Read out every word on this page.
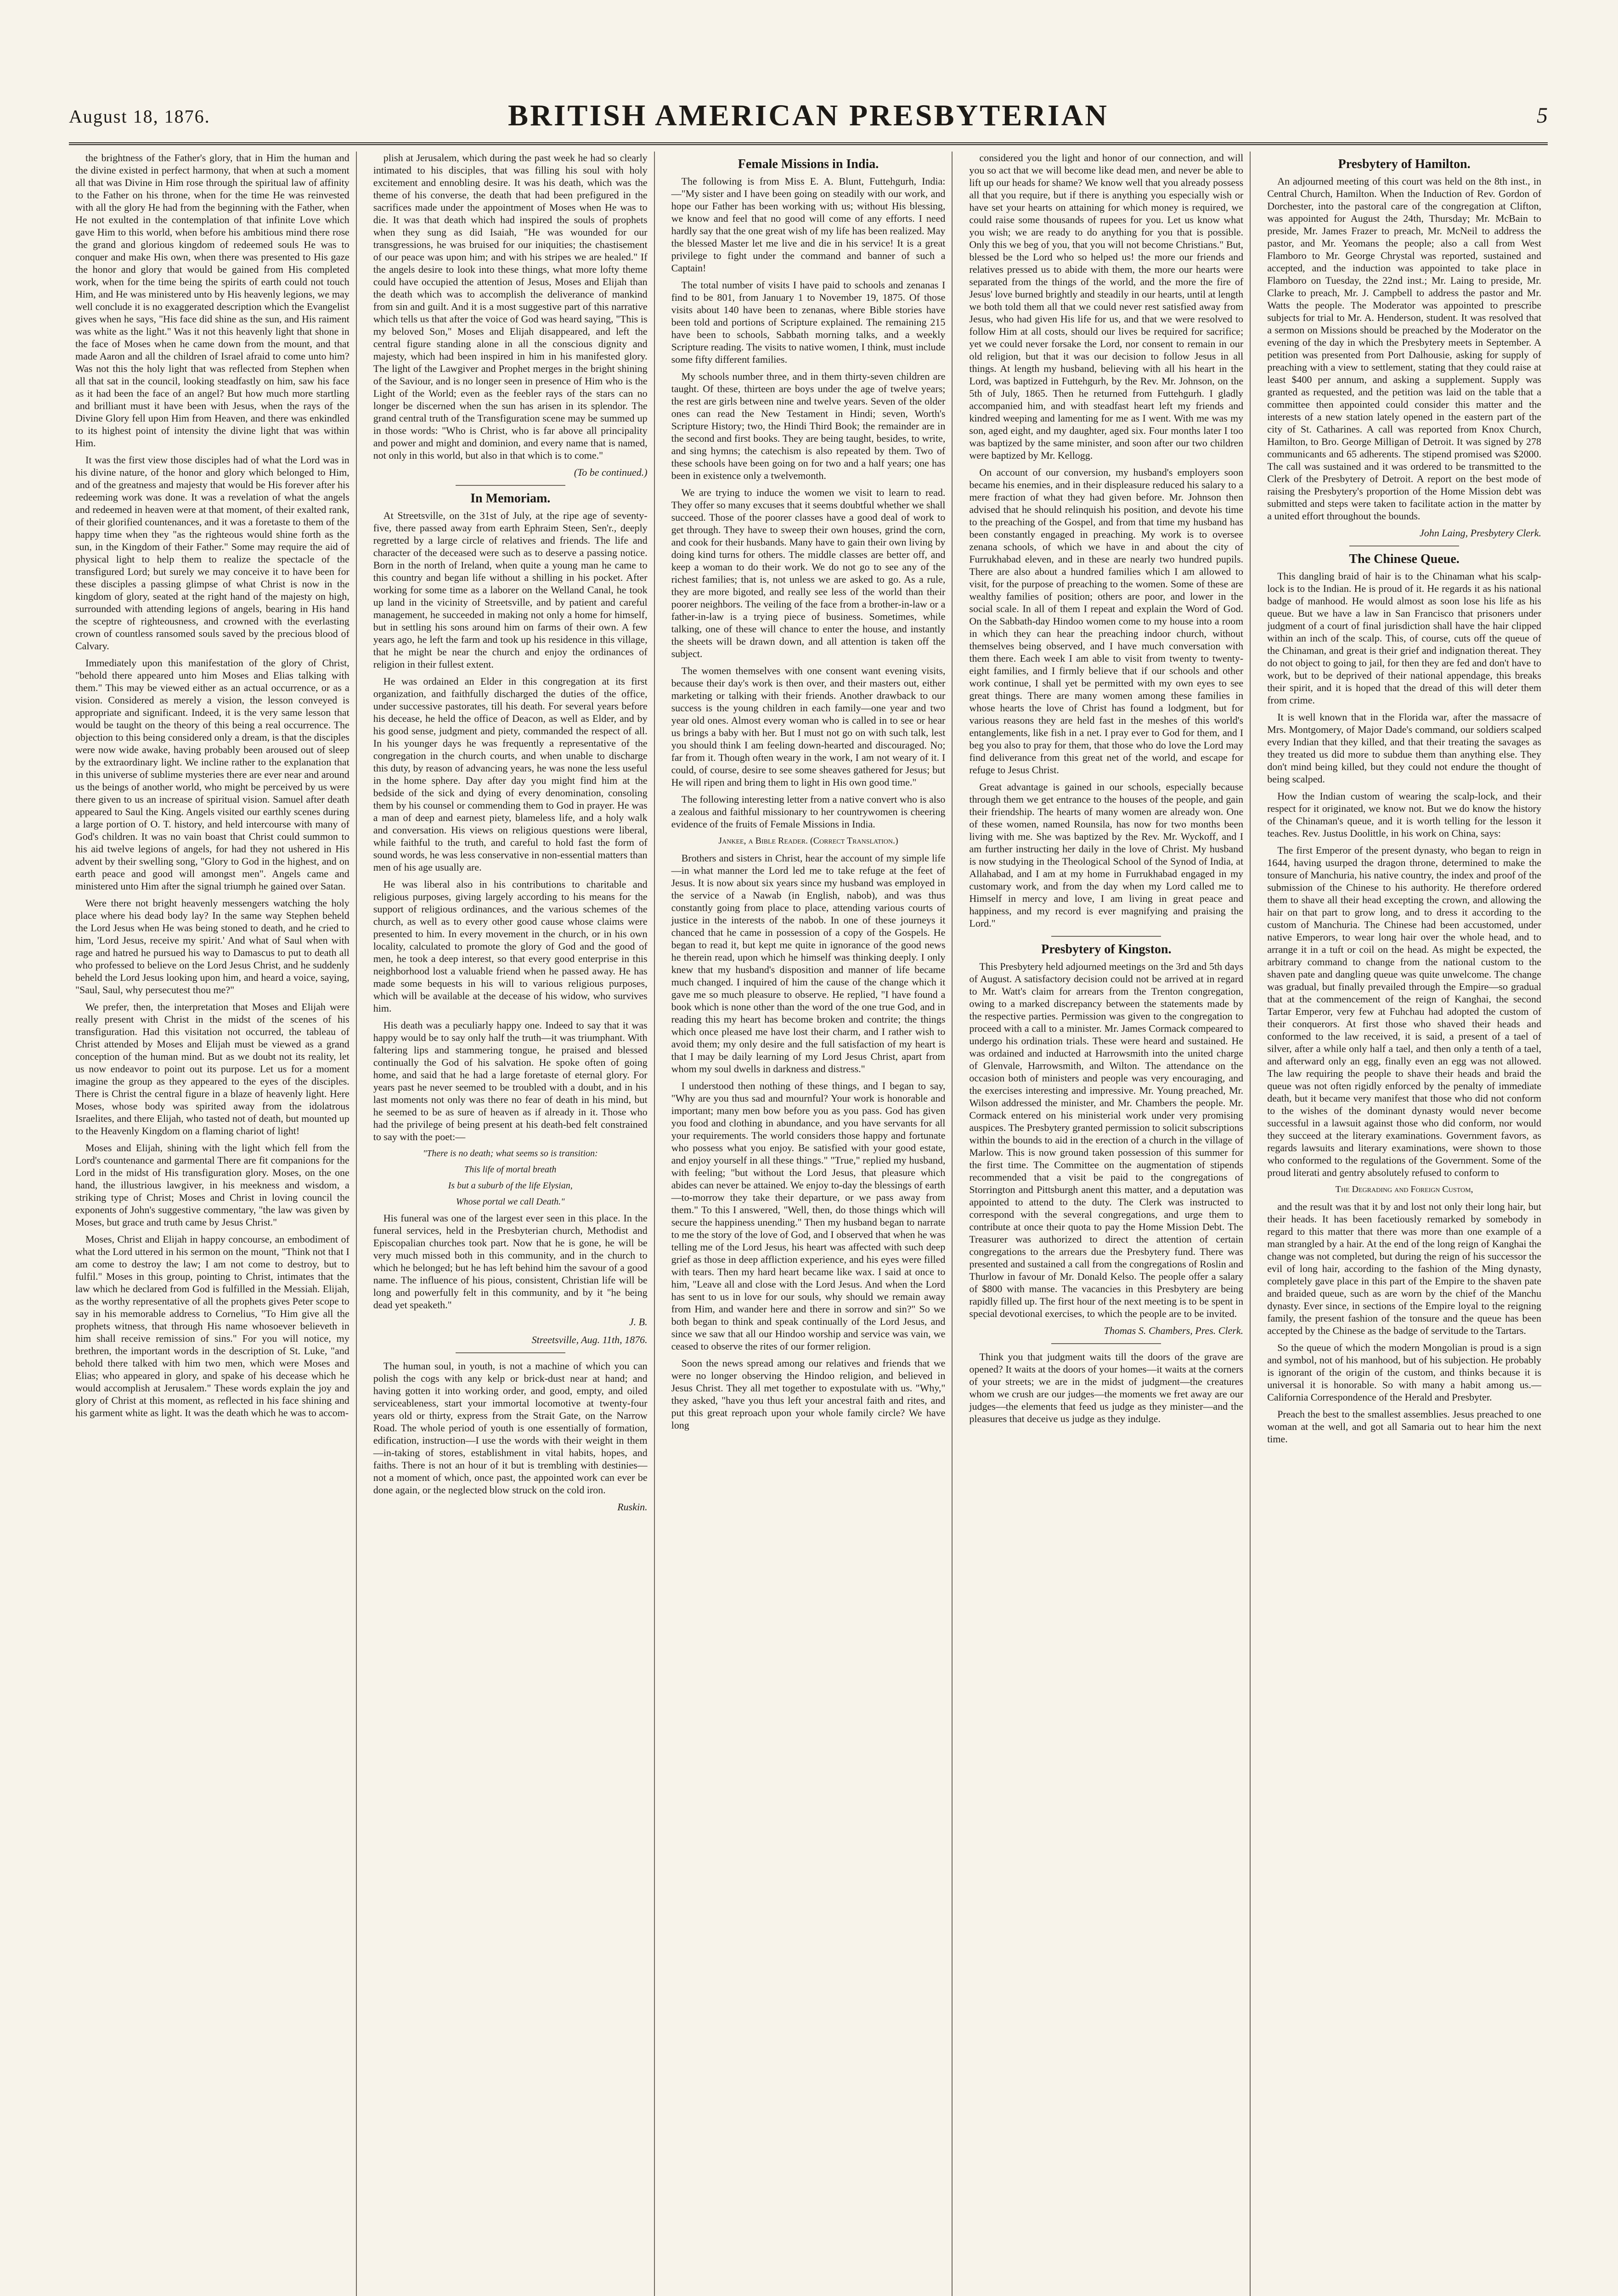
August 18, 1876.	BRITISH AMERICAN PRESBYTERIAN	5

the brightness of the Father's glory, that in Him the human and the divine existed in perfect harmony, that when at such a moment all that was Divine in Him rose through the spiritual law of affinity to the Father on his throne, when for the time He was reinvested with all the glory He had from the beginning with the Father, when He not exulted in the contemplation of that infinite Love which gave Him to this world, when before his ambitious mind there rose the grand and glorious kingdom of redeemed souls He was to conquer and make His own, when there was presented to His gaze the honor and glory that would be gained from His completed work, when for the time being the spirits of earth could not touch Him, and He was ministered unto by His heavenly legions, we may well conclude it is no exaggerated description which the Evangelist gives when he says, "His face did shine as the sun, and His raiment was white as the light." Was it not this heavenly light that shone in the face of Moses when he came down from the mount, and that made Aaron and all the children of Israel afraid to come unto him? Was not this the holy light that was reflected from Stephen when all that sat in the council, looking steadfastly on him, saw his face as it had been the face of an angel? But how much more startling and brilliant must it have been with Jesus, when the rays of the Divine Glory fell upon Him from Heaven, and there was enkindled to its highest point of intensity the divine light that was within Him.

It was the first view those disciples had of what the Lord was in his divine nature, of the honor and glory which belonged to Him, and of the greatness and majesty that would be His forever after his redeeming work was done. It was a revelation of what the angels and redeemed in heaven were at that moment, of their exalted rank, of their glorified countenances, and it was a foretaste to them of the happy time when they "as the righteous would shine forth as the sun, in the Kingdom of their Father." Some may require the aid of physical light to help them to realize the spectacle of the transfigured Lord; but surely we may conceive it to have been for these disciples a passing glimpse of what Christ is now in the kingdom of glory, seated at the right hand of the majesty on high, surrounded with attending legions of angels, bearing in His hand the sceptre of righteousness, and crowned with the everlasting crown of countless ransomed souls saved by the precious blood of Calvary.

Immediately upon this manifestation of the glory of Christ, "behold there appeared unto him Moses and Elias talking with them." This may be viewed either as an actual occurrence, or as a vision. Considered as merely a vision, the lesson conveyed is appropriate and significant. Indeed, it is the very same lesson that would be taught on the theory of this being a real occurrence. The objection to this being considered only a dream, is that the disciples were now wide awake, having probably been aroused out of sleep by the extraordinary light. We incline rather to the explanation that in this universe of sublime mysteries there are ever near and around us the beings of another world, who might be perceived by us were there given to us an increase of spiritual vision. Samuel after death appeared to Saul the King. Angels visited our earthly scenes during a large portion of O. T. history, and held intercourse with many of God's children. It was no vain boast that Christ could summon to his aid twelve legions of angels, for had they not ushered in His advent by their swelling song, "Glory to God in the highest, and on earth peace and good will amongst men". Angels came and ministered unto Him after the signal triumph he gained over Satan.

Were there not bright heavenly messengers watching the holy place where his dead body lay? In the same way Stephen beheld the Lord Jesus when He was being stoned to death, and he cried to him, 'Lord Jesus, receive my spirit.' And what of Saul when with rage and hatred he pursued his way to Damascus to put to death all who professed to believe on the Lord Jesus Christ, and he suddenly beheld the Lord Jesus looking upon him, and heard a voice, saying, "Saul, Saul, why persecutest thou me?"

We prefer, then, the interpretation that Moses and Elijah were really present with Christ in the midst of the scenes of his transfiguration. Had this visitation not occurred, the tableau of Christ attended by Moses and Elijah must be viewed as a grand conception of the human mind. But as we doubt not its reality, let us now endeavor to point out its purpose. Let us for a moment imagine the group as they appeared to the eyes of the disciples. There is Christ the central figure in a blaze of heavenly light. Here Moses, whose body was spirited away from the idolatrous Israelites, and there Elijah, who tasted not of death, but mounted up to the Heavenly Kingdom on a flaming chariot of light!

Moses and Elijah, shining with the light which fell from the Lord's countenance and garmental There are fit companions for the Lord in the midst of His transfiguration glory. Moses, on the one hand, the illustrious lawgiver, in his meekness and wisdom, a striking type of Christ; Moses and Christ in loving council the exponents of John's suggestive commentary, "the law was given by Moses, but grace and truth came by Jesus Christ."

Moses, Christ and Elijah in happy concourse, an embodiment of what the Lord uttered in his sermon on the mount, "Think not that I am come to destroy the law; I am not come to destroy, but to fulfil." Moses in this group, pointing to Christ, intimates that the law which he declared from God is fulfilled in the Messiah. Elijah, as the worthy representative of all the prophets gives Peter scope to say in his memorable address to Cornelius, "To Him give all the prophets witness, that through His name whosoever believeth in him shall receive remission of sins." For you will notice, my brethren, the important words in the description of St. Luke, "and behold there talked with him two men, which were Moses and Elias; who appeared in glory, and spake of his decease which he would accomplish at Jerusalem." These words explain the joy and glory of Christ at this moment, as reflected in his face shining and his garment white as light. It was the death which he was to accom-

plish at Jerusalem, which during the past week he had so clearly intimated to his disciples, that was filling his soul with holy excitement and ennobling desire. It was his death, which was the theme of his converse, the death that had been prefigured in the sacrifices made under the appointment of Moses when He was to die. It was that death which had inspired the souls of prophets when they sung as did Isaiah, "He was wounded for our transgressions, he was bruised for our iniquities; the chastisement of our peace was upon him; and with his stripes we are healed." If the angels desire to look into these things, what more lofty theme could have occupied the attention of Jesus, Moses and Elijah than the death which was to accomplish the deliverance of mankind from sin and guilt. And it is a most suggestive part of this narrative which tells us that after the voice of God was heard saying, "This is my beloved Son," Moses and Elijah disappeared, and left the central figure standing alone in all the conscious dignity and majesty, which had been inspired in him in his manifested glory. The light of the Lawgiver and Prophet merges in the bright shining of the Saviour, and is no longer seen in presence of Him who is the Light of the World; even as the feebler rays of the stars can no longer be discerned when the sun has arisen in its splendor. The grand central truth of the Transfiguration scene may be summed up in those words: "Who is Christ, who is far above all principality and power and might and dominion, and every name that is named, not only in this world, but also in that which is to come."

(To be continued.)
In Memoriam.

At Streetsville, on the 31st of July, at the ripe age of seventy-five, there passed away from earth Ephraim Steen, Sen'r., deeply regretted by a large circle of relatives and friends. The life and character of the deceased were such as to deserve a passing notice. Born in the north of Ireland, when quite a young man he came to this country and began life without a shilling in his pocket. After working for some time as a laborer on the Welland Canal, he took up land in the vicinity of Streetsville, and by patient and careful management, he succeeded in making not only a home for himself, but in settling his sons around him on farms of their own. A few years ago, he left the farm and took up his residence in this village, that he might be near the church and enjoy the ordinances of religion in their fullest extent.

He was ordained an Elder in this congregation at its first organization, and faithfully discharged the duties of the office, under successive pastorates, till his death. For several years before his decease, he held the office of Deacon, as well as Elder, and by his good sense, judgment and piety, commanded the respect of all. In his younger days he was frequently a representative of the congregation in the church courts, and when unable to discharge this duty, by reason of advancing years, he was none the less useful in the home sphere. Day after day you might find him at the bedside of the sick and dying of every denomination, consoling them by his counsel or commending them to God in prayer. He was a man of deep and earnest piety, blameless life, and a holy walk and conversation. His views on religious questions were liberal, while faithful to the truth, and careful to hold fast the form of sound words, he was less conservative in non-essential matters than men of his age usually are.

He was liberal also in his contributions to charitable and religious purposes, giving largely according to his means for the support of religious ordinances, and the various schemes of the church, as well as to every other good cause whose claims were presented to him. In every movement in the church, or in his own locality, calculated to promote the glory of God and the good of men, he took a deep interest, so that every good enterprise in this neighborhood lost a valuable friend when he passed away. He has made some bequests in his will to various religious purposes, which will be available at the decease of his widow, who survives him.

His death was a peculiarly happy one. Indeed to say that it was happy would be to say only half the truth—it was triumphant. With faltering lips and stammering tongue, he praised and blessed continually the God of his salvation. He spoke often of going home, and said that he had a large foretaste of eternal glory. For years past he never seemed to be troubled with a doubt, and in his last moments not only was there no fear of death in his mind, but he seemed to be as sure of heaven as if already in it. Those who had the privilege of being present at his death-bed felt constrained to say with the poet:—

"There is no death; what seems so is transition:
This life of mortal breath
Is but a suburb of the life Elysian,
Whose portal we call Death."

His funeral was one of the largest ever seen in this place. In the funeral services, held in the Presbyterian church, Methodist and Episcopalian churches took part. Now that he is gone, he will be very much missed both in this community, and in the church to which he belonged; but he has left behind him the savour of a good name. The influence of his pious, consistent, Christian life will be long and powerfully felt in this community, and by it "he being dead yet speaketh."

J. B.
Streetsville, Aug. 11th, 1876.

The human soul, in youth, is not a machine of which you can polish the cogs with any kelp or brick-dust near at hand; and having gotten it into working order, and good, empty, and oiled serviceableness, start your immortal locomotive at twenty-four years old or thirty, express from the Strait Gate, on the Narrow Road. The whole period of youth is one essentially of formation, edification, instruction—I use the words with their weight in them—in-taking of stores, establishment in vital habits, hopes, and faiths. There is not an hour of it but is trembling with destinies—not a moment of which, once past, the appointed work can ever be done again, or the neglected blow struck on the cold iron.

Ruskin.
Female Missions in India.

The following is from Miss E. A. Blunt, Futtehgurh, India:—"My sister and I have been going on steadily with our work, and hope our Father has been working with us; without His blessing, we know and feel that no good will come of any efforts. I need hardly say that the one great wish of my life has been realized. May the blessed Master let me live and die in his service! It is a great privilege to fight under the command and banner of such a Captain!

The total number of visits I have paid to schools and zenanas I find to be 801, from January 1 to November 19, 1875. Of those visits about 140 have been to zenanas, where Bible stories have been told and portions of Scripture explained. The remaining 215 have been to schools, Sabbath morning talks, and a weekly Scripture reading. The visits to native women, I think, must include some fifty different families.

My schools number three, and in them thirty-seven children are taught. Of these, thirteen are boys under the age of twelve years; the rest are girls between nine and twelve years. Seven of the older ones can read the New Testament in Hindi; seven, Worth's Scripture History; two, the Hindi Third Book; the remainder are in the second and first books. They are being taught, besides, to write, and sing hymns; the catechism is also repeated by them. Two of these schools have been going on for two and a half years; one has been in existence only a twelvemonth.

We are trying to induce the women we visit to learn to read. They offer so many excuses that it seems doubtful whether we shall succeed. Those of the poorer classes have a good deal of work to get through. They have to sweep their own houses, grind the corn, and cook for their husbands. Many have to gain their own living by doing kind turns for others. The middle classes are better off, and keep a woman to do their work. We do not go to see any of the richest families; that is, not unless we are asked to go. As a rule, they are more bigoted, and really see less of the world than their poorer neighbors. The veiling of the face from a brother-in-law or a father-in-law is a trying piece of business. Sometimes, while talking, one of these will chance to enter the house, and instantly the sheets will be drawn down, and all attention is taken off the subject.

The women themselves with one consent want evening visits, because their day's work is then over, and their masters out, either marketing or talking with their friends. Another drawback to our success is the young children in each family—one year and two year old ones. Almost every woman who is called in to see or hear us brings a baby with her. But I must not go on with such talk, lest you should think I am feeling down-hearted and discouraged. No; far from it. Though often weary in the work, I am not weary of it. I could, of course, desire to see some sheaves gathered for Jesus; but He will ripen and bring them to light in His own good time."

The following interesting letter from a native convert who is also a zealous and faithful missionary to her countrywomen is cheering evidence of the fruits of Female Missions in India.

Jankee, a Bible Reader. (Correct Translation.)

Brothers and sisters in Christ, hear the account of my simple life—in what manner the Lord led me to take refuge at the feet of Jesus. It is now about six years since my husband was employed in the service of a Nawab (in English, nabob), and was thus constantly going from place to place, attending various courts of justice in the interests of the nabob. In one of these journeys it chanced that he came in possession of a copy of the Gospels. He began to read it, but kept me quite in ignorance of the good news he therein read, upon which he himself was thinking deeply. I only knew that my husband's disposition and manner of life became much changed. I inquired of him the cause of the change which it gave me so much pleasure to observe. He replied, "I have found a book which is none other than the word of the one true God, and in reading this my heart has become broken and contrite; the things which once pleased me have lost their charm, and I rather wish to avoid them; my only desire and the full satisfaction of my heart is that I may be daily learning of my Lord Jesus Christ, apart from whom my soul dwells in darkness and distress."

I understood then nothing of these things, and I began to say, "Why are you thus sad and mournful? Your work is honorable and important; many men bow before you as you pass. God has given you food and clothing in abundance, and you have servants for all your requirements. The world considers those happy and fortunate who possess what you enjoy. Be satisfied with your good estate, and enjoy yourself in all these things." "True," replied my husband, with feeling; "but without the Lord Jesus, that pleasure which abides can never be attained. We enjoy to-day the blessings of earth—to-morrow they take their departure, or we pass away from them." To this I answered, "Well, then, do those things which will secure the happiness unending." Then my husband began to narrate to me the story of the love of God, and I observed that when he was telling me of the Lord Jesus, his heart was affected with such deep grief as those in deep affliction experience, and his eyes were filled with tears. Then my hard heart became like wax. I said at once to him, "Leave all and close with the Lord Jesus. And when the Lord has sent to us in love for our souls, why should we remain away from Him, and wander here and there in sorrow and sin?" So we both began to think and speak continually of the Lord Jesus, and since we saw that all our Hindoo worship and service was vain, we ceased to observe the rites of our former religion.

Soon the news spread among our relatives and friends that we were no longer observing the Hindoo religion, and believed in Jesus Christ. They all met together to expostulate with us. "Why," they asked, "have you thus left your ancestral faith and rites, and put this great reproach upon your whole family circle? We have long

considered you the light and honor of our connection, and will you so act that we will become like dead men, and never be able to lift up our heads for shame? We know well that you already possess all that you require, but if there is anything you especially wish or have set your hearts on attaining for which money is required, we could raise some thousands of rupees for you. Let us know what you wish; we are ready to do anything for you that is possible. Only this we beg of you, that you will not become Christians." But, blessed be the Lord who so helped us! the more our friends and relatives pressed us to abide with them, the more our hearts were separated from the things of the world, and the more the fire of Jesus' love burned brightly and steadily in our hearts, until at length we both told them all that we could never rest satisfied away from Jesus, who had given His life for us, and that we were resolved to follow Him at all costs, should our lives be required for sacrifice; yet we could never forsake the Lord, nor consent to remain in our old religion, but that it was our decision to follow Jesus in all things. At length my husband, believing with all his heart in the Lord, was baptized in Futtehgurh, by the Rev. Mr. Johnson, on the 5th of July, 1865. Then he returned from Futtehgurh. I gladly accompanied him, and with steadfast heart left my friends and kindred weeping and lamenting for me as I went. With me was my son, aged eight, and my daughter, aged six. Four months later I too was baptized by the same minister, and soon after our two children were baptized by Mr. Kellogg.

On account of our conversion, my husband's employers soon became his enemies, and in their displeasure reduced his salary to a mere fraction of what they had given before. Mr. Johnson then advised that he should relinquish his position, and devote his time to the preaching of the Gospel, and from that time my husband has been constantly engaged in preaching. My work is to oversee zenana schools, of which we have in and about the city of Furrukhabad eleven, and in these are nearly two hundred pupils. There are also about a hundred families which I am allowed to visit, for the purpose of preaching to the women. Some of these are wealthy families of position; others are poor, and lower in the social scale. In all of them I repeat and explain the Word of God. On the Sabbath-day Hindoo women come to my house into a room in which they can hear the preaching indoor church, without themselves being observed, and I have much conversation with them there. Each week I am able to visit from twenty to twenty-eight families, and I firmly believe that if our schools and other work continue, I shall yet be permitted with my own eyes to see great things. There are many women among these families in whose hearts the love of Christ has found a lodgment, but for various reasons they are held fast in the meshes of this world's entanglements, like fish in a net. I pray ever to God for them, and I beg you also to pray for them, that those who do love the Lord may find deliverance from this great net of the world, and escape for refuge to Jesus Christ.

Great advantage is gained in our schools, especially because through them we get entrance to the houses of the people, and gain their friendship. The hearts of many women are already won. One of these women, named Rounsila, has now for two months been living with me. She was baptized by the Rev. Mr. Wyckoff, and I am further instructing her daily in the love of Christ. My husband is now studying in the Theological School of the Synod of India, at Allahabad, and I am at my home in Furrukhabad engaged in my customary work, and from the day when my Lord called me to Himself in mercy and love, I am living in great peace and happiness, and my record is ever magnifying and praising the Lord."

Presbytery of Kingston.

This Presbytery held adjourned meetings on the 3rd and 5th days of August. A satisfactory decision could not be arrived at in regard to Mr. Watt's claim for arrears from the Trenton congregation, owing to a marked discrepancy between the statements made by the respective parties. Permission was given to the congregation to proceed with a call to a minister. Mr. James Cormack compeared to undergo his ordination trials. These were heard and sustained. He was ordained and inducted at Harrowsmith into the united charge of Glenvale, Harrowsmith, and Wilton. The attendance on the occasion both of ministers and people was very encouraging, and the exercises interesting and impressive. Mr. Young preached, Mr. Wilson addressed the minister, and Mr. Chambers the people. Mr. Cormack entered on his ministerial work under very promising auspices. The Presbytery granted permission to solicit subscriptions within the bounds to aid in the erection of a church in the village of Marlow. This is now ground taken possession of this summer for the first time. The Committee on the augmentation of stipends recommended that a visit be paid to the congregations of Storrington and Pittsburgh anent this matter, and a deputation was appointed to attend to the duty. The Clerk was instructed to correspond with the several congregations, and urge them to contribute at once their quota to pay the Home Mission Debt. The Treasurer was authorized to direct the attention of certain congregations to the arrears due the Presbytery fund. There was presented and sustained a call from the congregations of Roslin and Thurlow in favour of Mr. Donald Kelso. The people offer a salary of $800 with manse. The vacancies in this Presbytery are being rapidly filled up. The first hour of the next meeting is to be spent in special devotional exercises, to which the people are to be invited.

Thomas S. Chambers, Pres. Clerk.

Think you that judgment waits till the doors of the grave are opened? It waits at the doors of your homes—it waits at the corners of your streets; we are in the midst of judgment—the creatures whom we crush are our judges—the moments we fret away are our judges—the elements that feed us judge as they minister—and the pleasures that deceive us judge as they indulge.

Presbytery of Hamilton.

An adjourned meeting of this court was held on the 8th inst., in Central Church, Hamilton. When the Induction of Rev. Gordon of Dorchester, into the pastoral care of the congregation at Clifton, was appointed for August the 24th, Thursday; Mr. McBain to preside, Mr. James Frazer to preach, Mr. McNeil to address the pastor, and Mr. Yeomans the people; also a call from West Flamboro to Mr. George Chrystal was reported, sustained and accepted, and the induction was appointed to take place in Flamboro on Tuesday, the 22nd inst.; Mr. Laing to preside, Mr. Clarke to preach, Mr. J. Campbell to address the pastor and Mr. Watts the people. The Moderator was appointed to prescribe subjects for trial to Mr. A. Henderson, student. It was resolved that a sermon on Missions should be preached by the Moderator on the evening of the day in which the Presbytery meets in September. A petition was presented from Port Dalhousie, asking for supply of preaching with a view to settlement, stating that they could raise at least $400 per annum, and asking a supplement. Supply was granted as requested, and the petition was laid on the table that a committee then appointed could consider this matter and the interests of a new station lately opened in the eastern part of the city of St. Catharines. A call was reported from Knox Church, Hamilton, to Bro. George Milligan of Detroit. It was signed by 278 communicants and 65 adherents. The stipend promised was $2000. The call was sustained and it was ordered to be transmitted to the Clerk of the Presbytery of Detroit. A report on the best mode of raising the Presbytery's proportion of the Home Mission debt was submitted and steps were taken to facilitate action in the matter by a united effort throughout the bounds.

John Laing, Presbytery Clerk.
The Chinese Queue.

This dangling braid of hair is to the Chinaman what his scalp-lock is to the Indian. He is proud of it. He regards it as his national badge of manhood. He would almost as soon lose his life as his queue. But we have a law in San Francisco that prisoners under judgment of a court of final jurisdiction shall have the hair clipped within an inch of the scalp. This, of course, cuts off the queue of the Chinaman, and great is their grief and indignation thereat. They do not object to going to jail, for then they are fed and don't have to work, but to be deprived of their national appendage, this breaks their spirit, and it is hoped that the dread of this will deter them from crime.

It is well known that in the Florida war, after the massacre of Mrs. Montgomery, of Major Dade's command, our soldiers scalped every Indian that they killed, and that their treating the savages as they treated us did more to subdue them than anything else. They don't mind being killed, but they could not endure the thought of being scalped.

How the Indian custom of wearing the scalp-lock, and their respect for it originated, we know not. But we do know the history of the Chinaman's queue, and it is worth telling for the lesson it teaches. Rev. Justus Doolittle, in his work on China, says:

The first Emperor of the present dynasty, who began to reign in 1644, having usurped the dragon throne, determined to make the tonsure of Manchuria, his native country, the index and proof of the submission of the Chinese to his authority. He therefore ordered them to shave all their head excepting the crown, and allowing the hair on that part to grow long, and to dress it according to the custom of Manchuria. The Chinese had been accustomed, under native Emperors, to wear long hair over the whole head, and to arrange it in a tuft or coil on the head. As might be expected, the arbitrary command to change from the national custom to the shaven pate and dangling queue was quite unwelcome. The change was gradual, but finally prevailed through the Empire—so gradual that at the commencement of the reign of Kanghai, the second Tartar Emperor, very few at Fuhchau had adopted the custom of their conquerors. At first those who shaved their heads and conformed to the law received, it is said, a present of a tael of silver, after a while only half a tael, and then only a tenth of a tael, and afterward only an egg, finally even an egg was not allowed. The law requiring the people to shave their heads and braid the queue was not often rigidly enforced by the penalty of immediate death, but it became very manifest that those who did not conform to the wishes of the dominant dynasty would never become successful in a lawsuit against those who did conform, nor would they succeed at the literary examinations. Government favors, as regards lawsuits and literary examinations, were shown to those who conformed to the regulations of the Government. Some of the proud literati and gentry absolutely refused to conform to

The Degrading and Foreign Custom,

and the result was that it by and lost not only their long hair, but their heads. It has been facetiously remarked by somebody in regard to this matter that there was more than one example of a man strangled by a hair. At the end of the long reign of Kanghai the change was not completed, but during the reign of his successor the evil of long hair, according to the fashion of the Ming dynasty, completely gave place in this part of the Empire to the shaven pate and braided queue, such as are worn by the chief of the Manchu dynasty. Ever since, in sections of the Empire loyal to the reigning family, the present fashion of the tonsure and the queue has been accepted by the Chinese as the badge of servitude to the Tartars.

So the queue of which the modern Mongolian is proud is a sign and symbol, not of his manhood, but of his subjection. He probably is ignorant of the origin of the custom, and thinks because it is universal it is honorable. So with many a habit among us.—California Correspondence of the Herald and Presbyter.

Preach the best to the smallest assemblies. Jesus preached to one woman at the well, and got all Samaria out to hear him the next time.
